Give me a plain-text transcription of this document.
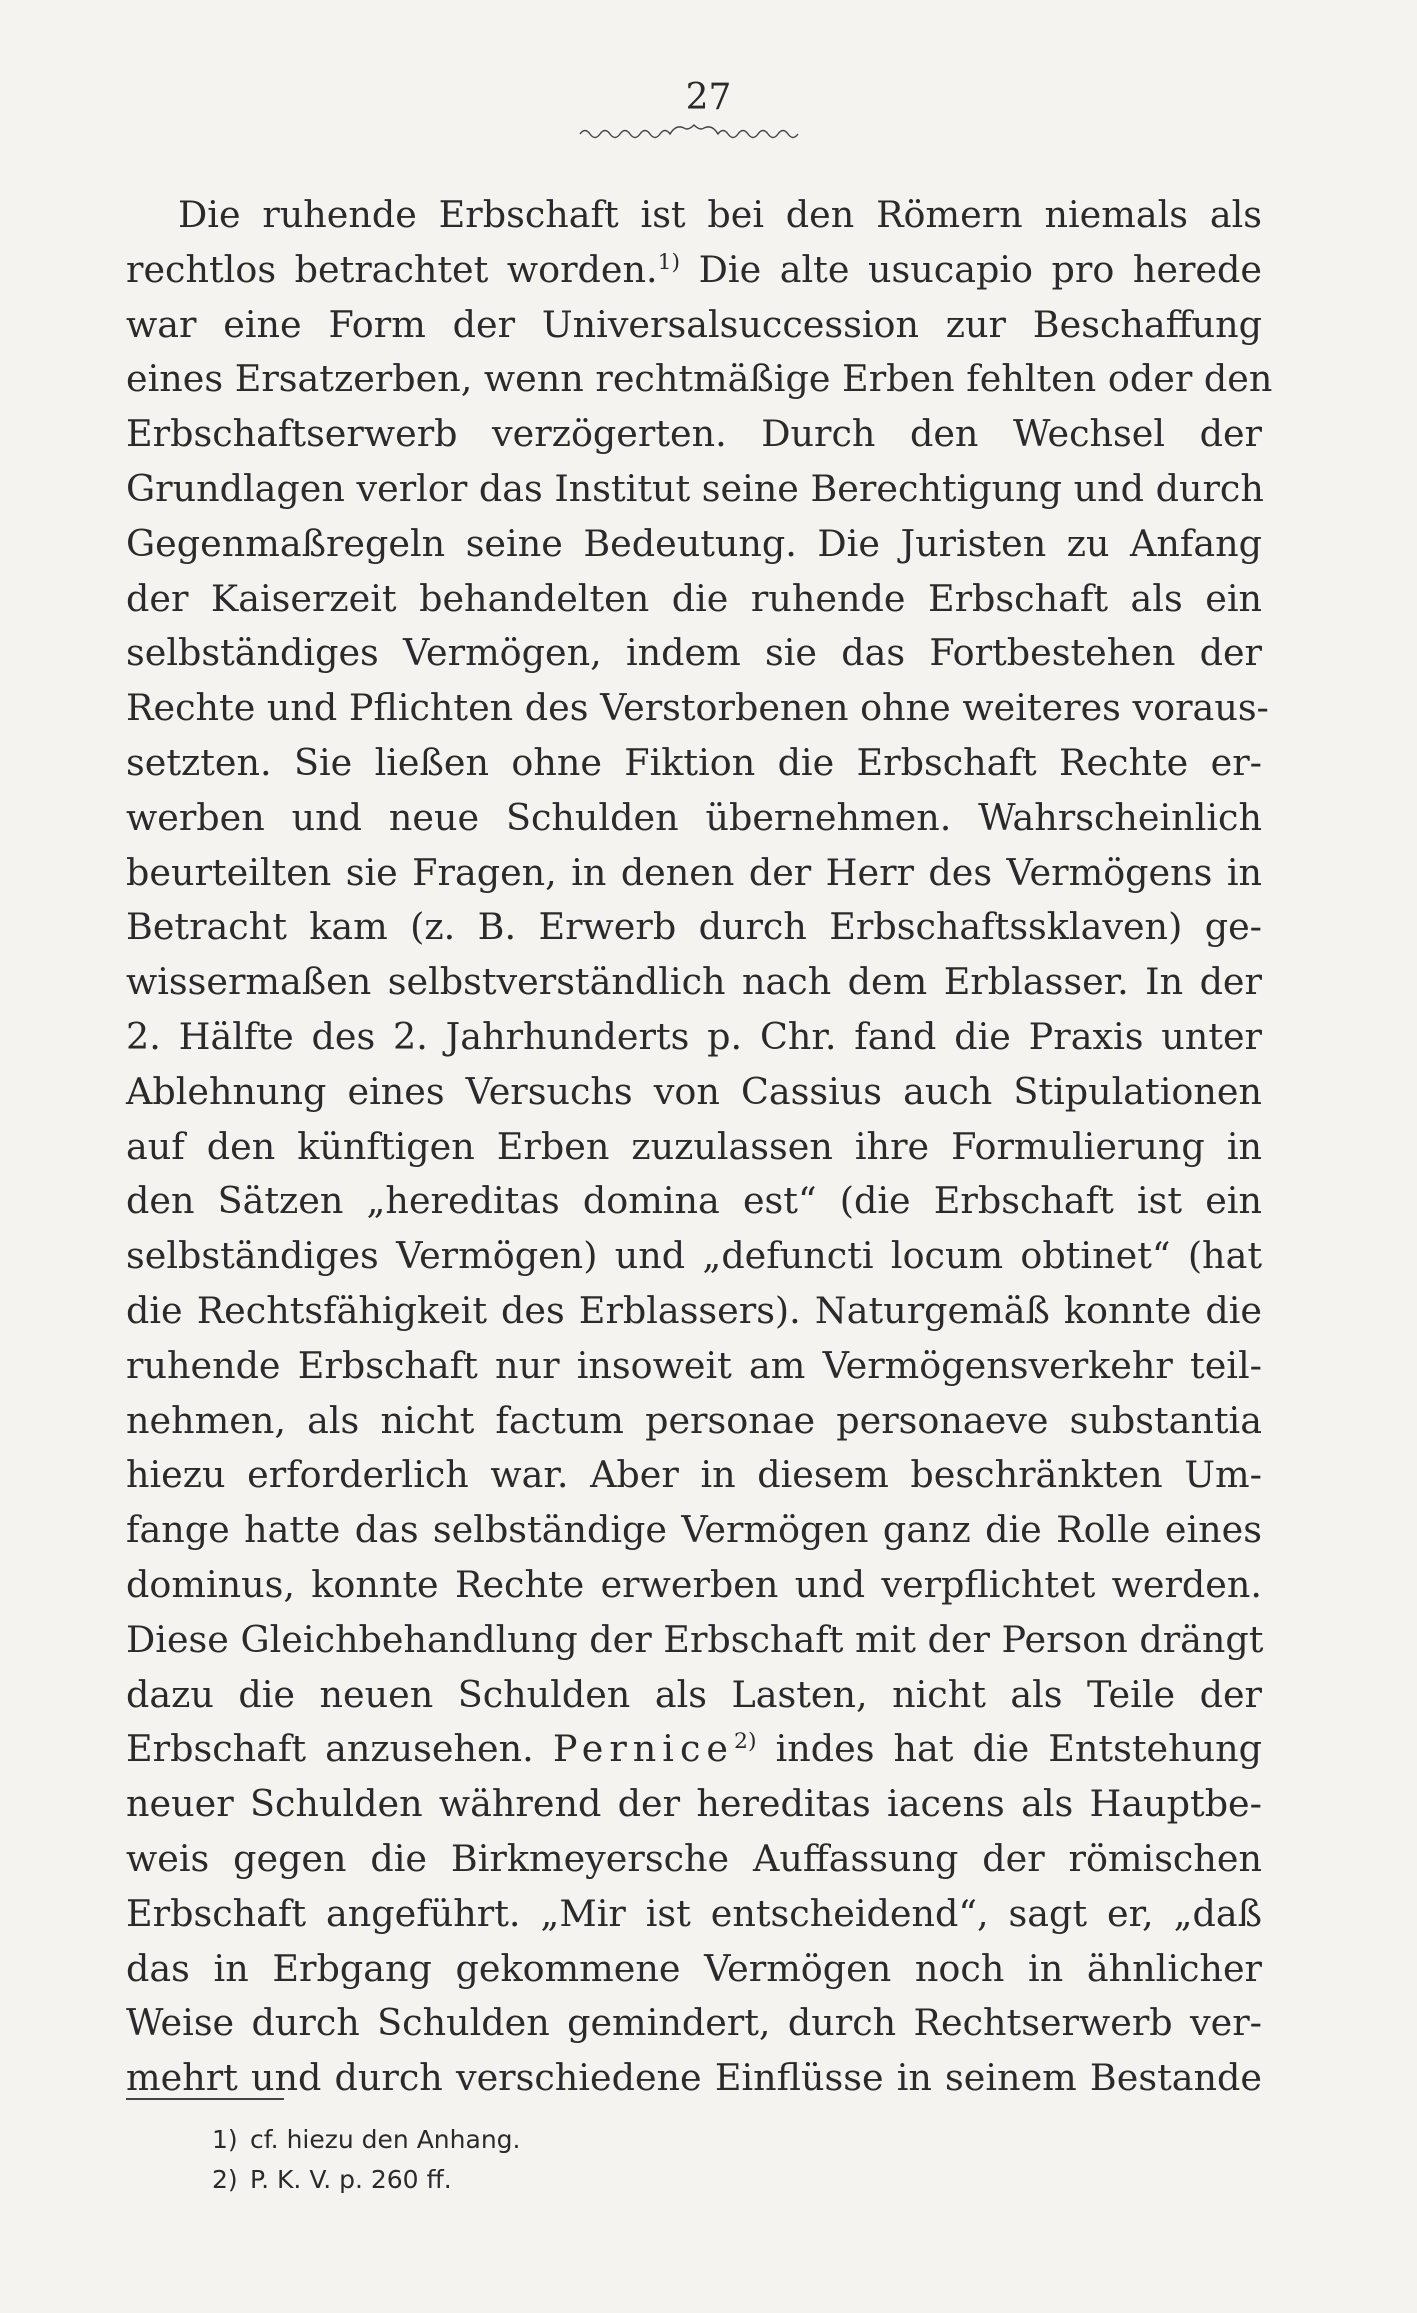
27
Die ruhende Erbschaft ist bei den Römern niemals als
rechtlos betrachtet worden.$^{1)}$ Die alte usucapio pro herede
war eine Form der Universalsuccession zur Beschaffung
eines Ersatzerben, wenn rechtmäßige Erben fehlten oder den
Erbschaftserwerb verzögerten. Durch den Wechsel der
Grundlagen verlor das Institut seine Berechtigung und durch
Gegenmaßregeln seine Bedeutung. Die Juristen zu Anfang
der Kaiserzeit behandelten die ruhende Erbschaft als ein
selbständiges Vermögen, indem sie das Fortbestehen der
Rechte und Pflichten des Verstorbenen ohne weiteres voraus-
setzten. Sie ließen ohne Fiktion die Erbschaft Rechte er-
werben und neue Schulden übernehmen. Wahrscheinlich
beurteilten sie Fragen, in denen der Herr des Vermögens in
Betracht kam (z. B. Erwerb durch Erbschaftssklaven) ge-
wissermaßen selbstverständlich nach dem Erblasser. In der
2. Hälfte des 2. Jahrhunderts p. Chr. fand die Praxis unter
Ablehnung eines Versuchs von Cassius auch Stipulationen
auf den künftigen Erben zuzulassen ihre Formulierung in
den Sätzen „hereditas domina est“ (die Erbschaft ist ein
selbständiges Vermögen) und „defuncti locum obtinet“ (hat
die Rechtsfähigkeit des Erblassers). Naturgemäß konnte die
ruhende Erbschaft nur insoweit am Vermögensverkehr teil-
nehmen, als nicht factum personae personaeve substantia
hiezu erforderlich war. Aber in diesem beschränkten Um-
fange hatte das selbständige Vermögen ganz die Rolle eines
dominus, konnte Rechte erwerben und verpflichtet werden.
Diese Gleichbehandlung der Erbschaft mit der Person drängt
dazu die neuen Schulden als Lasten, nicht als Teile der
Erbschaft anzusehen. Pernice$^{2)}$ indes hat die Entstehung
neuer Schulden während der hereditas iacens als Hauptbe-
weis gegen die Birkmeyersche Auffassung der römischen
Erbschaft angeführt. „Mir ist entscheidend“, sagt er, „daß
das in Erbgang gekommene Vermögen noch in ähnlicher
Weise durch Schulden gemindert, durch Rechtserwerb ver-
mehrt und durch verschiedene Einflüsse in seinem Bestande
1) cf. hiezu den Anhang.
2) P. K. V. p. 260 ff.
